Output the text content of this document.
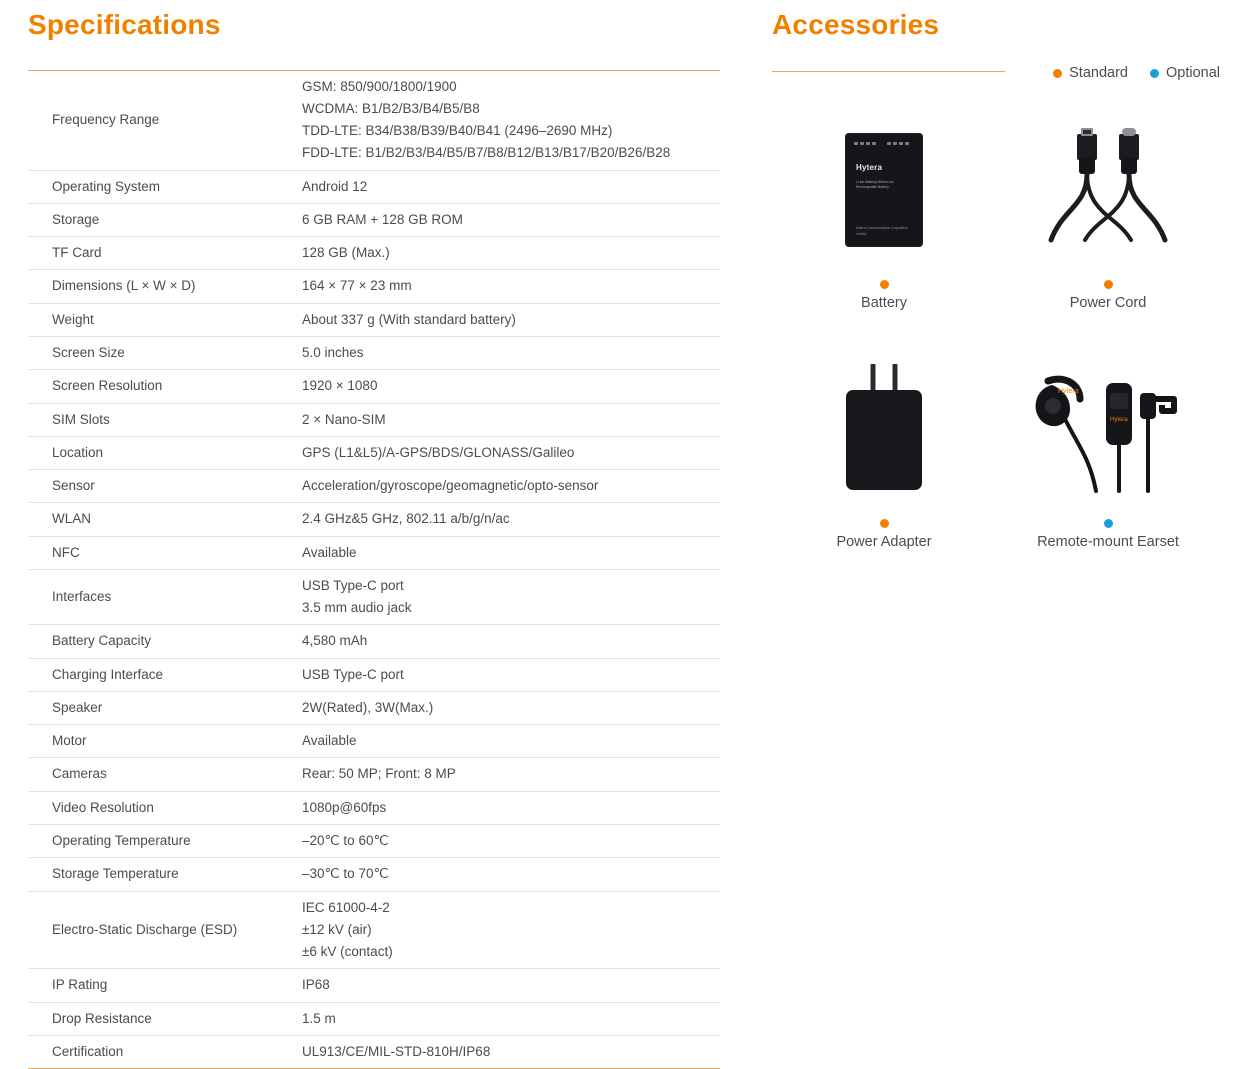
Specifications
Frequency Range	GSM: 850/900/1800/1900
WCDMA: B1/B2/B3/B4/B5/B8
TDD-LTE: B34/B38/B39/B40/B41 (2496–2690 MHz)
FDD-LTE: B1/B2/B3/B4/B5/B7/B8/B12/B13/B17/B20/B26/B28

Operating System	Android 12

Storage	6 GB RAM + 128 GB ROM

TF Card	128 GB (Max.)

Dimensions (L × W × D)	164 × 77 × 23 mm

Weight	About 337 g (With standard battery)

Screen Size	5.0 inches

Screen Resolution	1920 × 1080

SIM Slots	2 × Nano-SIM

Location	GPS (L1&L5)/A-GPS/BDS/GLONASS/Galileo

Sensor	Acceleration/gyroscope/geomagnetic/opto-sensor

WLAN	2.4 GHz&5 GHz, 802.11 a/b/g/n/ac

NFC	Available

Interfaces	USB Type-C port
3.5 mm audio jack

Battery Capacity	4,580 mAh

Charging Interface	USB Type-C port

Speaker	2W(Rated), 3W(Max.)

Motor	Available

Cameras	Rear: 50 MP; Front: 8 MP

Video Resolution	1080p@60fps

Operating Temperature	–20℃ to 60℃

Storage Temperature	–30℃ to 70℃

Electro-Static Discharge (ESD)	IEC 61000-4-2
±12 kV (air)
±6 kV (contact)

IP Rating	IP68

Drop Resistance	1.5 m

Certification	UL913/CE/MIL-STD-810H/IP68
Accessories
Standard	Optional
Hytera
Li-ion Battery/Lithium-ion Rechargeable Battery
Hytera Communications Corporation Limited
Battery	Power Cord
Power Adapter
Hytera
Hytera
Remote-mount Earset
